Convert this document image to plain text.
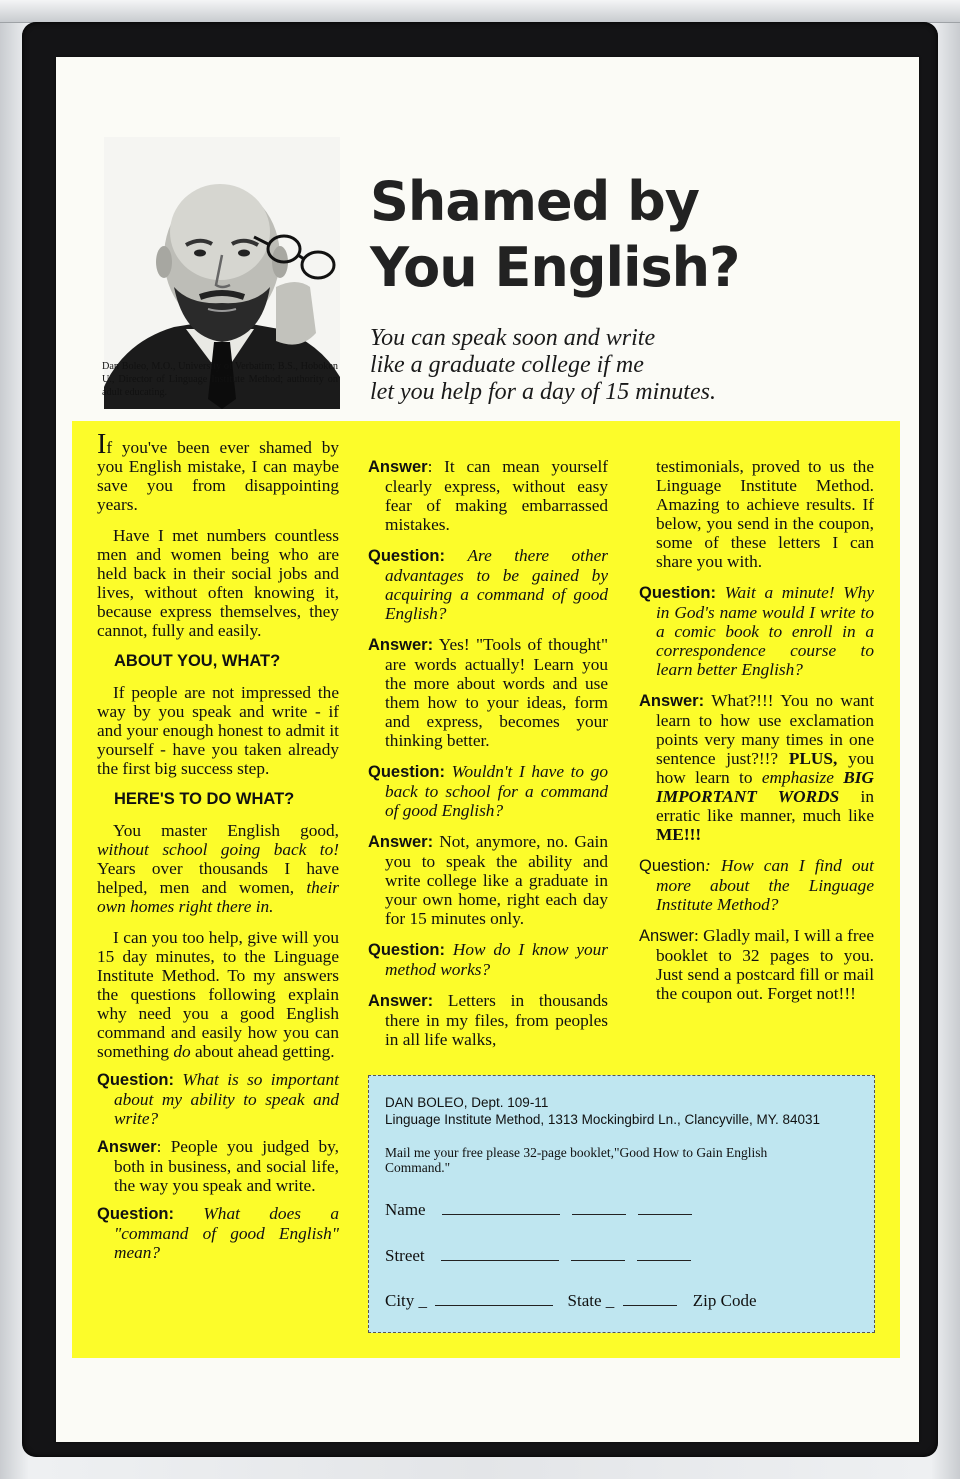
Dan Boleo, M.O., University of Verbatim; B.S., Hoboken U., Director of Linguage Institute Method; authority on adult educating.
Shamed by
You English?
You can speak soon and write
like a graduate college if me
let you help for a day of 15 minutes.

If you've been ever shamed by you English mistake, I can maybe save you from disappointing years.

Have I met numbers countless men and women being who are held back in their social jobs and lives, without often knowing it, because express themselves, they cannot, fully and easily.

ABOUT YOU, WHAT?

If people are not impressed the way by you speak and write - if and your enough honest to admit it yourself - have you taken already the first big success step.

HERE'S TO DO WHAT?

You master English good, without school going back to! Years over thousands I have helped, men and women, their own homes right there in.

I can you too help, give will you 15 day minutes, to the Linguage Institute Method. To my answers the questions following explain why need you a good English command and easily how you can something do about ahead getting.

Question: What is so important about my ability to speak and write?

Answer: People you judged by, both in business, and social life, the way you speak and write.

Question: What does a "command of good English" mean?

Answer: It can mean yourself clearly express, without easy fear of making embarrassed mistakes.

Question: Are there other advantages to be gained by acquiring a command of good English?

Answer: Yes! "Tools of thought" are words actually! Learn you the more about words and use them how to your ideas, form and express, becomes your thinking better.

Question: Wouldn't I have to go back to school for a command of good English?

Answer: Not, anymore, no. Gain you to speak the ability and write college like a graduate in your own home, right each day for 15 minutes only.

Question: How do I know your method works?

Answer: Letters in thousands there in my files, from peoples in all life walks,

testimonials, proved to us the Linguage Institute Method. Amazing to achieve results. If below, you send in the coupon, some of these letters I can share you with.

Question: Wait a minute! Why in God's name would I write to a comic book to enroll in a correspondence course to learn better English?

Answer: What?!!! You no want learn to how use exclamation points very many times in one sentence just?!!? PLUS, you how learn to emphasize BIG IMPORTANT WORDS in erratic like manner, much like ME!!!

Question: How can I find out more about the Linguage Institute Method?

Answer: Gladly mail, I will a free booklet to 32 pages to you. Just send a postcard fill or mail the coupon out. Forget not!!!

DAN BOLEO, Dept. 109-11
Linguage Institute Method, 1313 Mockingbird Ln., Clancyville, MY. 84031
Mail me your free please 32-page booklet,"Good How to Gain English Command."
Name
Street
City _	State _	Zip Code
